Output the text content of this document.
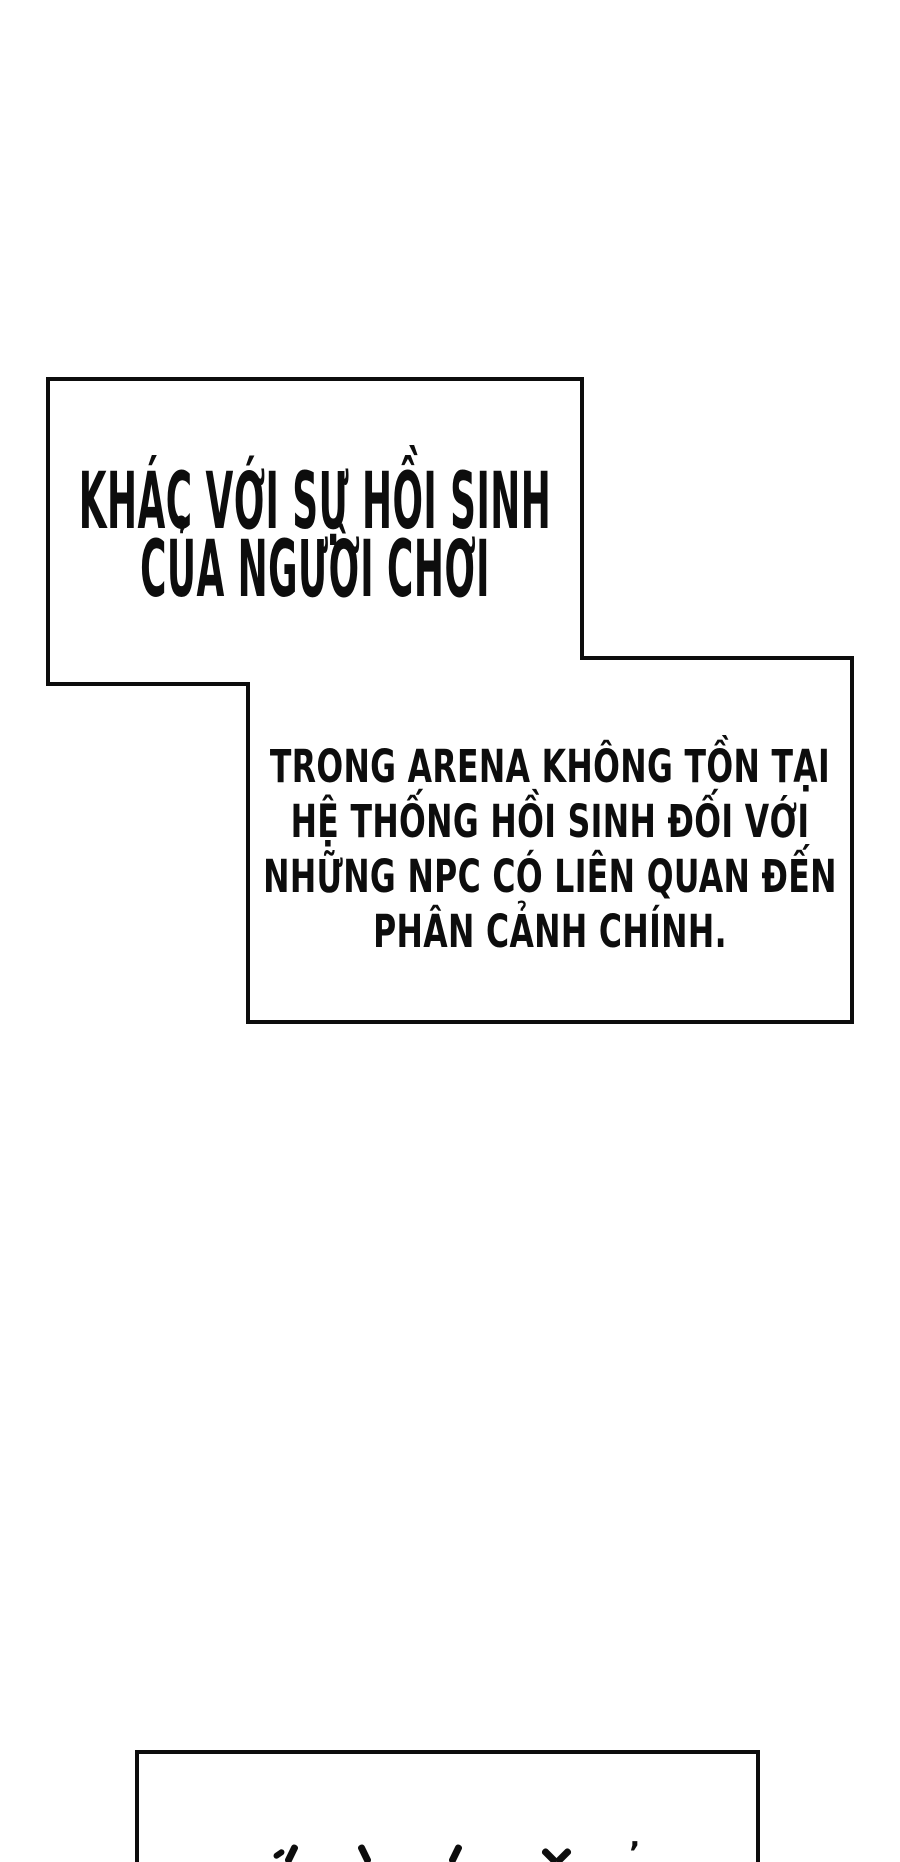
KHÁC VỚI SỰ HỒI SINH
CỦA NGƯỜI CHƠI
TRONG ARENA KHÔNG TỒN TẠI
HỆ THỐNG HỒI SINH ĐỐI VỚI
NHỮNG NPC CÓ LIÊN QUAN ĐẾN
PHÂN CẢNH CHÍNH.
